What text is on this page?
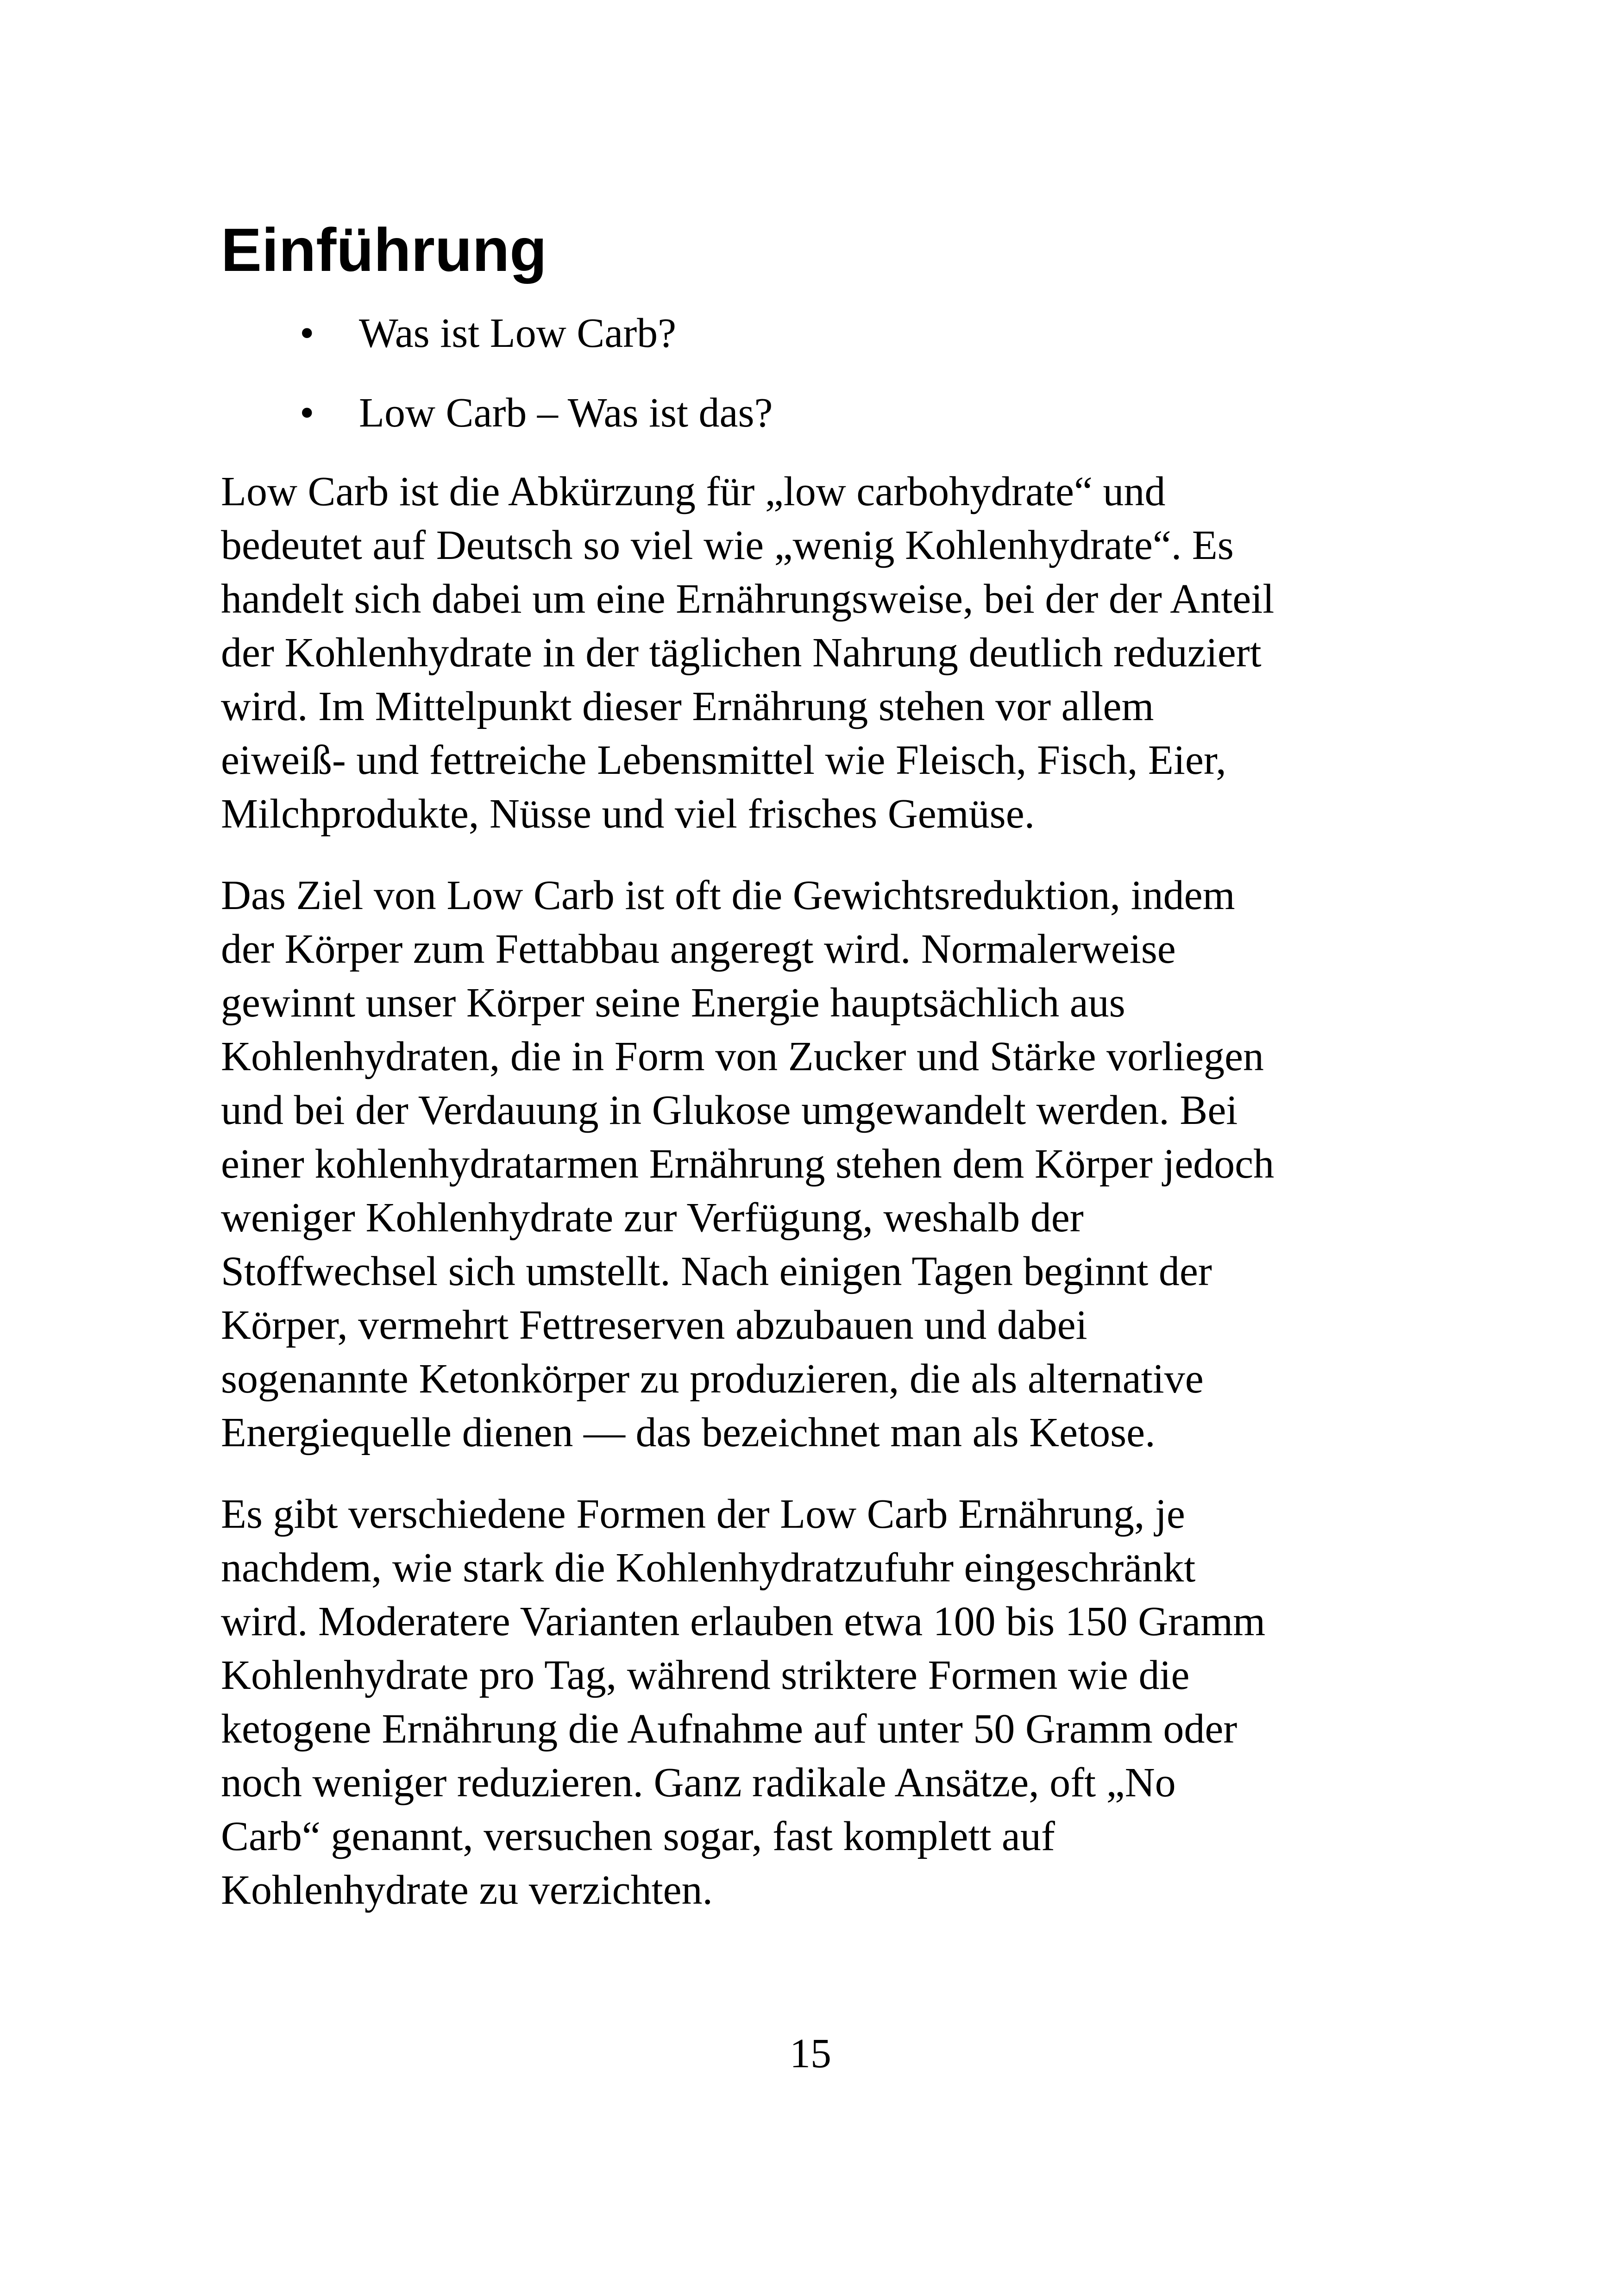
Einführung
• Was ist Low Carb?
• Low Carb – Was ist das?

Low Carb ist die Abkürzung für „low carbohydrate“ und
bedeutet auf Deutsch so viel wie „wenig Kohlenhydrate“. Es
handelt sich dabei um eine Ernährungsweise, bei der der Anteil
der Kohlenhydrate in der täglichen Nahrung deutlich reduziert
wird. Im Mittelpunkt dieser Ernährung stehen vor allem
eiweiß- und fettreiche Lebensmittel wie Fleisch, Fisch, Eier,
Milchprodukte, Nüsse und viel frisches Gemüse.

Das Ziel von Low Carb ist oft die Gewichtsreduktion, indem
der Körper zum Fettabbau angeregt wird. Normalerweise
gewinnt unser Körper seine Energie hauptsächlich aus
Kohlenhydraten, die in Form von Zucker und Stärke vorliegen
und bei der Verdauung in Glukose umgewandelt werden. Bei
einer kohlenhydratarmen Ernährung stehen dem Körper jedoch
weniger Kohlenhydrate zur Verfügung, weshalb der
Stoffwechsel sich umstellt. Nach einigen Tagen beginnt der
Körper, vermehrt Fettreserven abzubauen und dabei
sogenannte Ketonkörper zu produzieren, die als alternative
Energiequelle dienen — das bezeichnet man als Ketose.

Es gibt verschiedene Formen der Low Carb Ernährung, je
nachdem, wie stark die Kohlenhydratzufuhr eingeschränkt
wird. Moderatere Varianten erlauben etwa 100 bis 150 Gramm
Kohlenhydrate pro Tag, während striktere Formen wie die
ketogene Ernährung die Aufnahme auf unter 50 Gramm oder
noch weniger reduzieren. Ganz radikale Ansätze, oft „No
Carb“ genannt, versuchen sogar, fast komplett auf
Kohlenhydrate zu verzichten.

15
